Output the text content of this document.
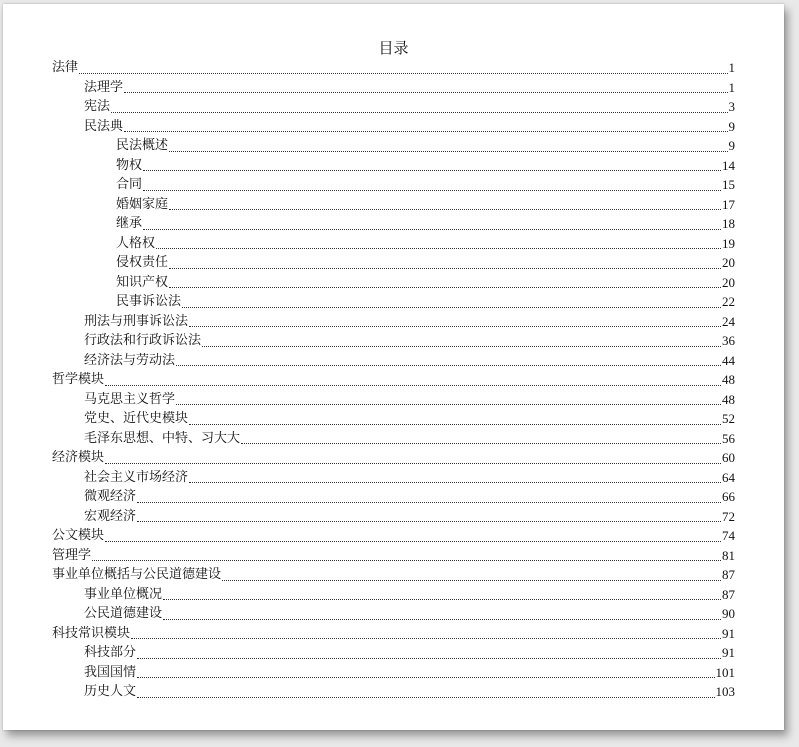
目录
法律	1
法理学	1
宪法	3
民法典	9
民法概述	9
物权	14
合同	15
婚姻家庭	17
继承	18
人格权	19
侵权责任	20
知识产权	20
民事诉讼法	22
刑法与刑事诉讼法	24
行政法和行政诉讼法	36
经济法与劳动法	44
哲学模块	48
马克思主义哲学	48
党史、近代史模块	52
毛泽东思想、中特、习大大	56
经济模块	60
社会主义市场经济	64
微观经济	66
宏观经济	72
公文模块	74
管理学	81
事业单位概括与公民道德建设	87
事业单位概况	87
公民道德建设	90
科技常识模块	91
科技部分	91
我国国情	101
历史人文	103
